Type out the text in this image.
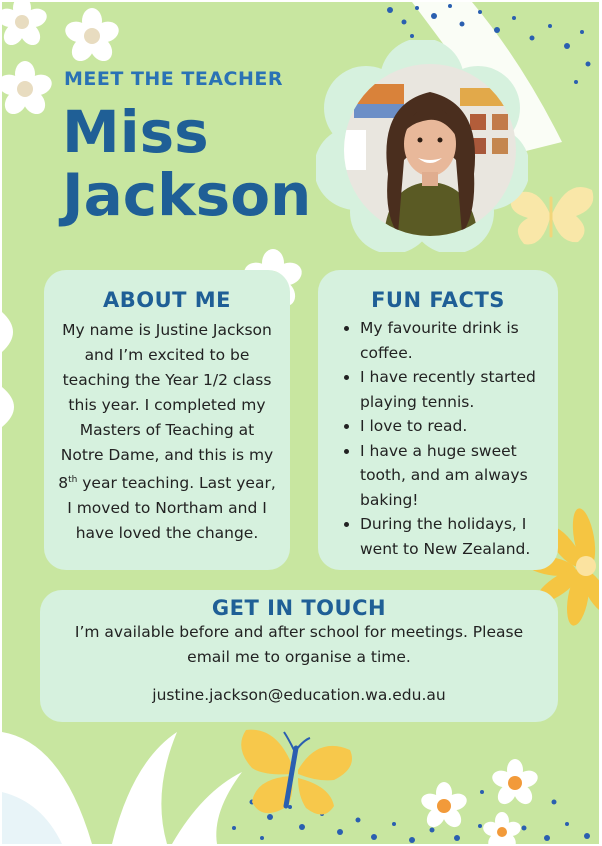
MEET THE TEACHER
Miss
Jackson
ABOUT ME

My name is Justine Jackson and I’m excited to be teaching the Year 1/2 class this year. I completed my Masters of Teaching at Notre Dame, and this is my 8th year teaching. Last year, I moved to Northam and I have loved the change.

FUN FACTS
• My favourite drink is coffee.
• I have recently started playing tennis.
• I love to read.
• I have a huge sweet tooth, and am always baking!
• During the holidays, I went to New Zealand.
GET IN TOUCH
I’m available before and after school for meetings. Please
email me to organise a time.
justine.jackson@education.wa.edu.au
